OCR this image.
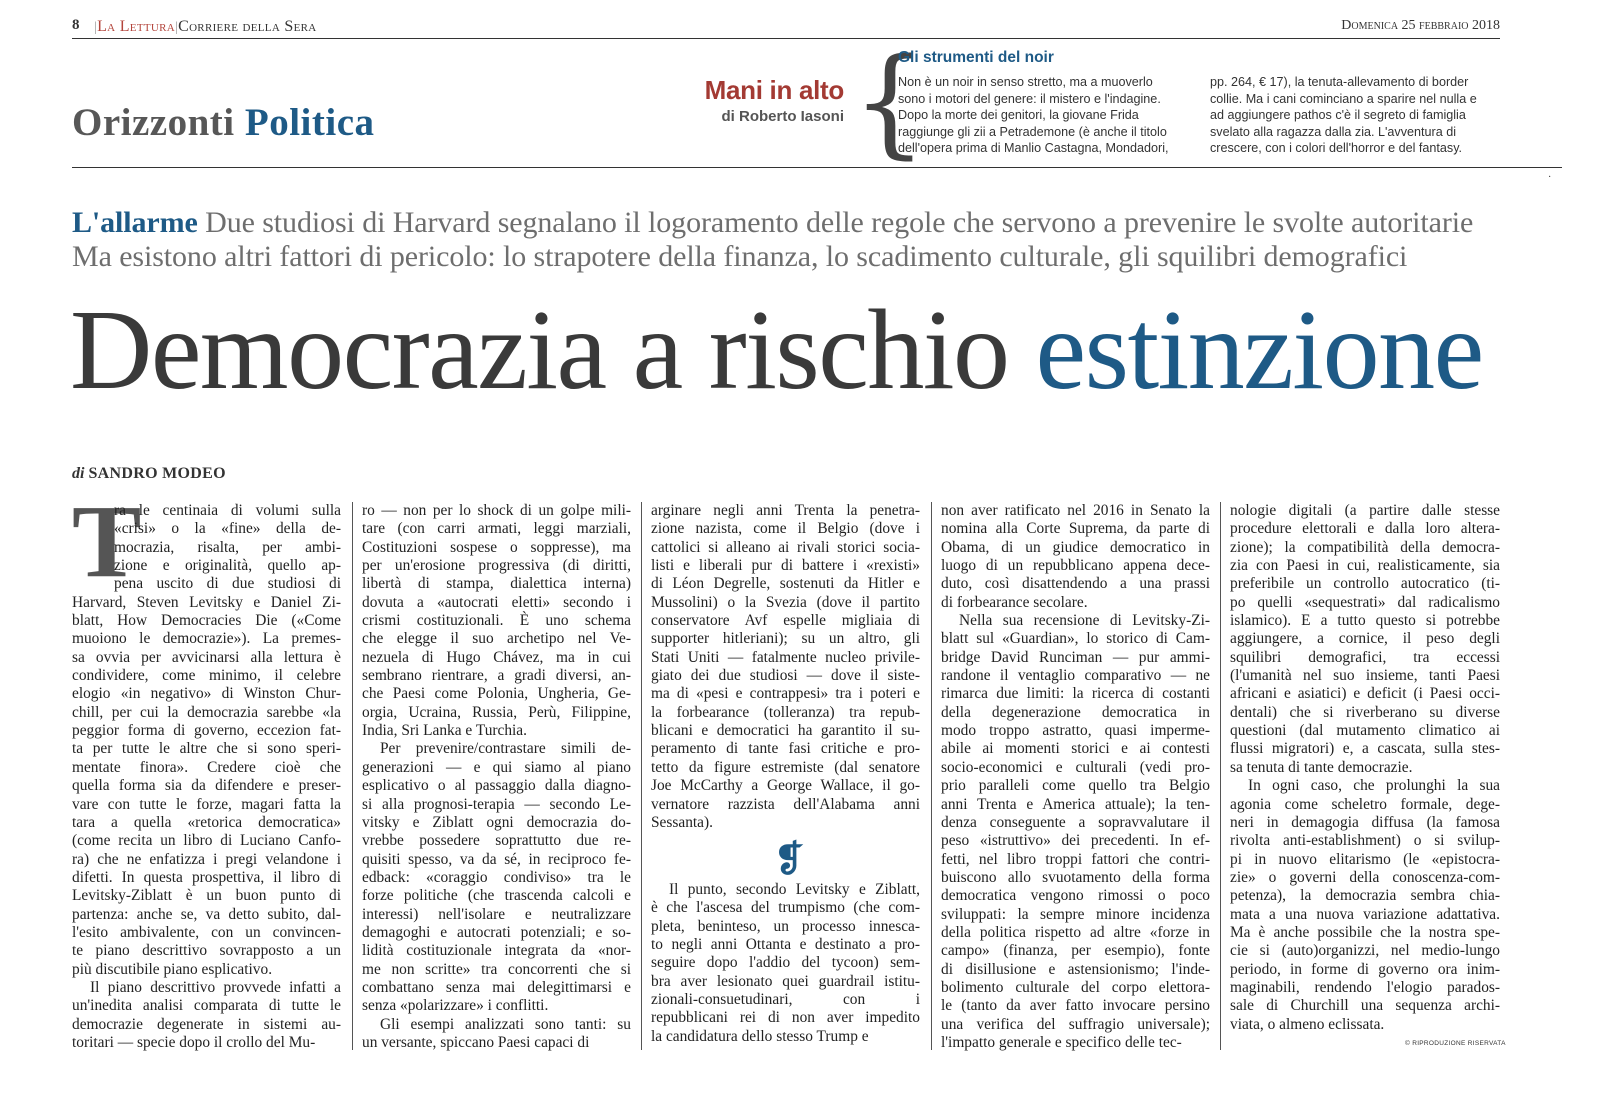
8 |La Lettura|Corriere della Sera	Domenica 25 febbraio 2018
Orizzonti Politica
Mani in alto
di Roberto Iasoni {
Gli strumenti del noir

Non è un noir in senso stretto, ma a muoverlo

sono i motori del genere: il mistero e l'indagine.

Dopo la morte dei genitori, la giovane Frida

raggiunge gli zii a Petrademone (è anche il titolo

dell'opera prima di Manlio Castagna, Mondadori,

pp. 264, € 17), la tenuta-allevamento di border

collie. Ma i cani cominciano a sparire nel nulla e

ad aggiungere pathos c'è il segreto di famiglia

svelato alla ragazza dalla zia. L'avventura di

crescere, con i colori dell'horror e del fantasy.

·
L'allarme Due studiosi di Harvard segnalano il logoramento delle regole che servono a prevenire le svolte autoritarie
Ma esistono altri fattori di pericolo: lo strapotere della finanza, lo scadimento culturale, gli squilibri demografici
Democrazia a rischio estinzione
di SANDRO MODEO
T

ra le centinaia di volumi sulla

«crisi» o la «fine» della de-

mocrazia, risalta, per ambi-

zione e originalità, quello ap-

pena uscito di due studiosi di

Harvard, Steven Levitsky e Daniel Zi-

blatt, How Democracies Die («Come

muoiono le democrazie»). La premes-

sa ovvia per avvicinarsi alla lettura è

condividere, come minimo, il celebre

elogio «in negativo» di Winston Chur-

chill, per cui la democrazia sarebbe «la

peggior forma di governo, eccezion fat-

ta per tutte le altre che si sono speri-

mentate finora». Credere cioè che

quella forma sia da difendere e preser-

vare con tutte le forze, magari fatta la

tara a quella «retorica democratica»

(come recita un libro di Luciano Canfo-

ra) che ne enfatizza i pregi velandone i

difetti. In questa prospettiva, il libro di

Levitsky-Ziblatt è un buon punto di

partenza: anche se, va detto subito, dal-

l'esito ambivalente, con un convincen-

te piano descrittivo sovrapposto a un

più discutibile piano esplicativo.

Il piano descrittivo provvede infatti a

un'inedita analisi comparata di tutte le

democrazie degenerate in sistemi au-

toritari — specie dopo il crollo del Mu-

ro — non per lo shock di un golpe mili-

tare (con carri armati, leggi marziali,

Costituzioni sospese o soppresse), ma

per un'erosione progressiva (di diritti,

libertà di stampa, dialettica interna)

dovuta a «autocrati eletti» secondo i

crismi costituzionali. È uno schema

che elegge il suo archetipo nel Ve-

nezuela di Hugo Chávez, ma in cui

sembrano rientrare, a gradi diversi, an-

che Paesi come Polonia, Ungheria, Ge-

orgia, Ucraina, Russia, Perù, Filippine,

India, Sri Lanka e Turchia.

Per prevenire/contrastare simili de-

generazioni — e qui siamo al piano

esplicativo o al passaggio dalla diagno-

si alla prognosi-terapia — secondo Le-

vitsky e Ziblatt ogni democrazia do-

vrebbe possedere soprattutto due re-

quisiti spesso, va da sé, in reciproco fe-

edback: «coraggio condiviso» tra le

forze politiche (che trascenda calcoli e

interessi) nell'isolare e neutralizzare

demagoghi e autocrati potenziali; e so-

lidità costituzionale integrata da «nor-

me non scritte» tra concorrenti che si

combattano senza mai delegittimarsi e

senza «polarizzare» i conflitti.

Gli esempi analizzati sono tanti: su

un versante, spiccano Paesi capaci di

arginare negli anni Trenta la penetra-

zione nazista, come il Belgio (dove i

cattolici si alleano ai rivali storici socia-

listi e liberali pur di battere i «rexisti»

di Léon Degrelle, sostenuti da Hitler e

Mussolini) o la Svezia (dove il partito

conservatore Avf espelle migliaia di

supporter hitleriani); su un altro, gli

Stati Uniti — fatalmente nucleo privile-

giato dei due studiosi — dove il siste-

ma di «pesi e contrappesi» tra i poteri e

la forbearance (tolleranza) tra repub-

blicani e democratici ha garantito il su-

peramento di tante fasi critiche e pro-

tetto da figure estremiste (dal senatore

Joe McCarthy a George Wallace, il go-

vernatore razzista dell'Alabama anni

Sessanta).

Il punto, secondo Levitsky e Ziblatt,

è che l'ascesa del trumpismo (che com-

pleta, beninteso, un processo innesca-

to negli anni Ottanta e destinato a pro-

seguire dopo l'addio del tycoon) sem-

bra aver lesionato quei guardrail istitu-

zionali-consuetudinari, con i

repubblicani rei di non aver impedito

la candidatura dello stesso Trump e

non aver ratificato nel 2016 in Senato la

nomina alla Corte Suprema, da parte di

Obama, di un giudice democratico in

luogo di un repubblicano appena dece-

duto, così disattendendo a una prassi

di forbearance secolare.

Nella sua recensione di Levitsky-Zi-

blatt sul «Guardian», lo storico di Cam-

bridge David Runciman — pur ammi-

randone il ventaglio comparativo — ne

rimarca due limiti: la ricerca di costanti

della degenerazione democratica in

modo troppo astratto, quasi imperme-

abile ai momenti storici e ai contesti

socio-economici e culturali (vedi pro-

prio paralleli come quello tra Belgio

anni Trenta e America attuale); la ten-

denza conseguente a sopravvalutare il

peso «istruttivo» dei precedenti. In ef-

fetti, nel libro troppi fattori che contri-

buiscono allo svuotamento della forma

democratica vengono rimossi o poco

sviluppati: la sempre minore incidenza

della politica rispetto ad altre «forze in

campo» (finanza, per esempio), fonte

di disillusione e astensionismo; l'inde-

bolimento culturale del corpo elettora-

le (tanto da aver fatto invocare persino

una verifica del suffragio universale);

l'impatto generale e specifico delle tec-

nologie digitali (a partire dalle stesse

procedure elettorali e dalla loro altera-

zione); la compatibilità della democra-

zia con Paesi in cui, realisticamente, sia

preferibile un controllo autocratico (ti-

po quelli «sequestrati» dal radicalismo

islamico). E a tutto questo si potrebbe

aggiungere, a cornice, il peso degli

squilibri demografici, tra eccessi

(l'umanità nel suo insieme, tanti Paesi

africani e asiatici) e deficit (i Paesi occi-

dentali) che si riverberano su diverse

questioni (dal mutamento climatico ai

flussi migratori) e, a cascata, sulla stes-

sa tenuta di tante democrazie.

In ogni caso, che prolunghi la sua

agonia come scheletro formale, dege-

neri in demagogia diffusa (la famosa

rivolta anti-establishment) o si svilup-

pi in nuovo elitarismo (le «epistocra-

zie» o governi della conoscenza-com-

petenza), la democrazia sembra chia-

mata a una nuova variazione adattativa.

Ma è anche possibile che la nostra spe-

cie si (auto)organizzi, nel medio-lungo

periodo, in forme di governo ora inim-

maginabili, rendendo l'elogio parados-

sale di Churchill una sequenza archi-

viata, o almeno eclissata.

❡
© RIPRODUZIONE RISERVATA
